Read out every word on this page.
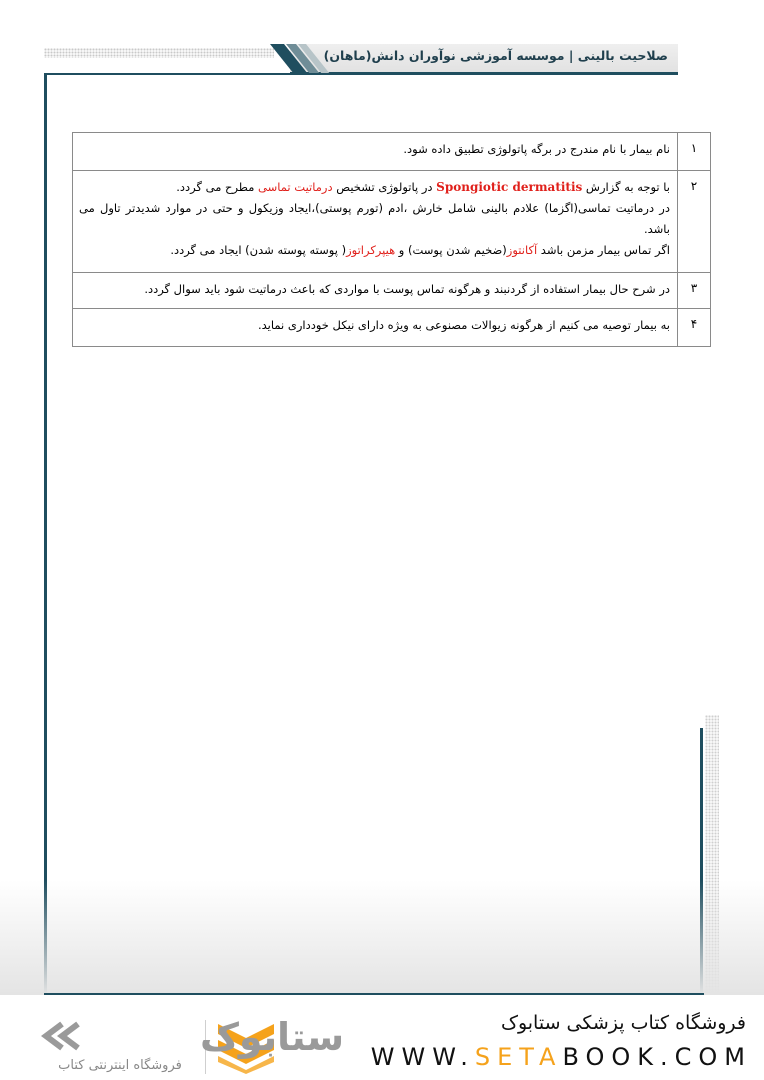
صلاحیت بالینی | موسسه آموزشی نوآوران دانش(ماهان)
۱	نام بیمار با نام مندرج در برگه پاتولوژی تطبیق داده شود.
۲	با توجه به گزارش Spongiotic dermatitis در پاتولوژی تشخیص درماتیت تماسی مطرح می گردد.
در درماتیت تماسی(اگزما) علادم بالینی شامل خارش ،ادم (تورم پوستی)،ایجاد وزیکول و حتی در موارد شدیدتر تاول می باشد.
اگر تماس بیمار مزمن باشد آکانتوز(ضخیم شدن پوست) و هیپرکراتوز( پوسته پوسته شدن) ایجاد می گردد.

۳	در شرح حال بیمار استفاده از گردنبند و هرگونه تماس پوست با مواردی که باعث درماتیت شود باید سوال گردد.
۴	به بیمار توصیه می کنیم از هرگونه زیوالات مصنوعی به ویژه دارای نیکل خودداری نماید.
فروشگاه کتاب پزشکی ستابوک
WWW.SETABOOK.COM
ستابوک
فروشگاه اینترنتی کتاب
